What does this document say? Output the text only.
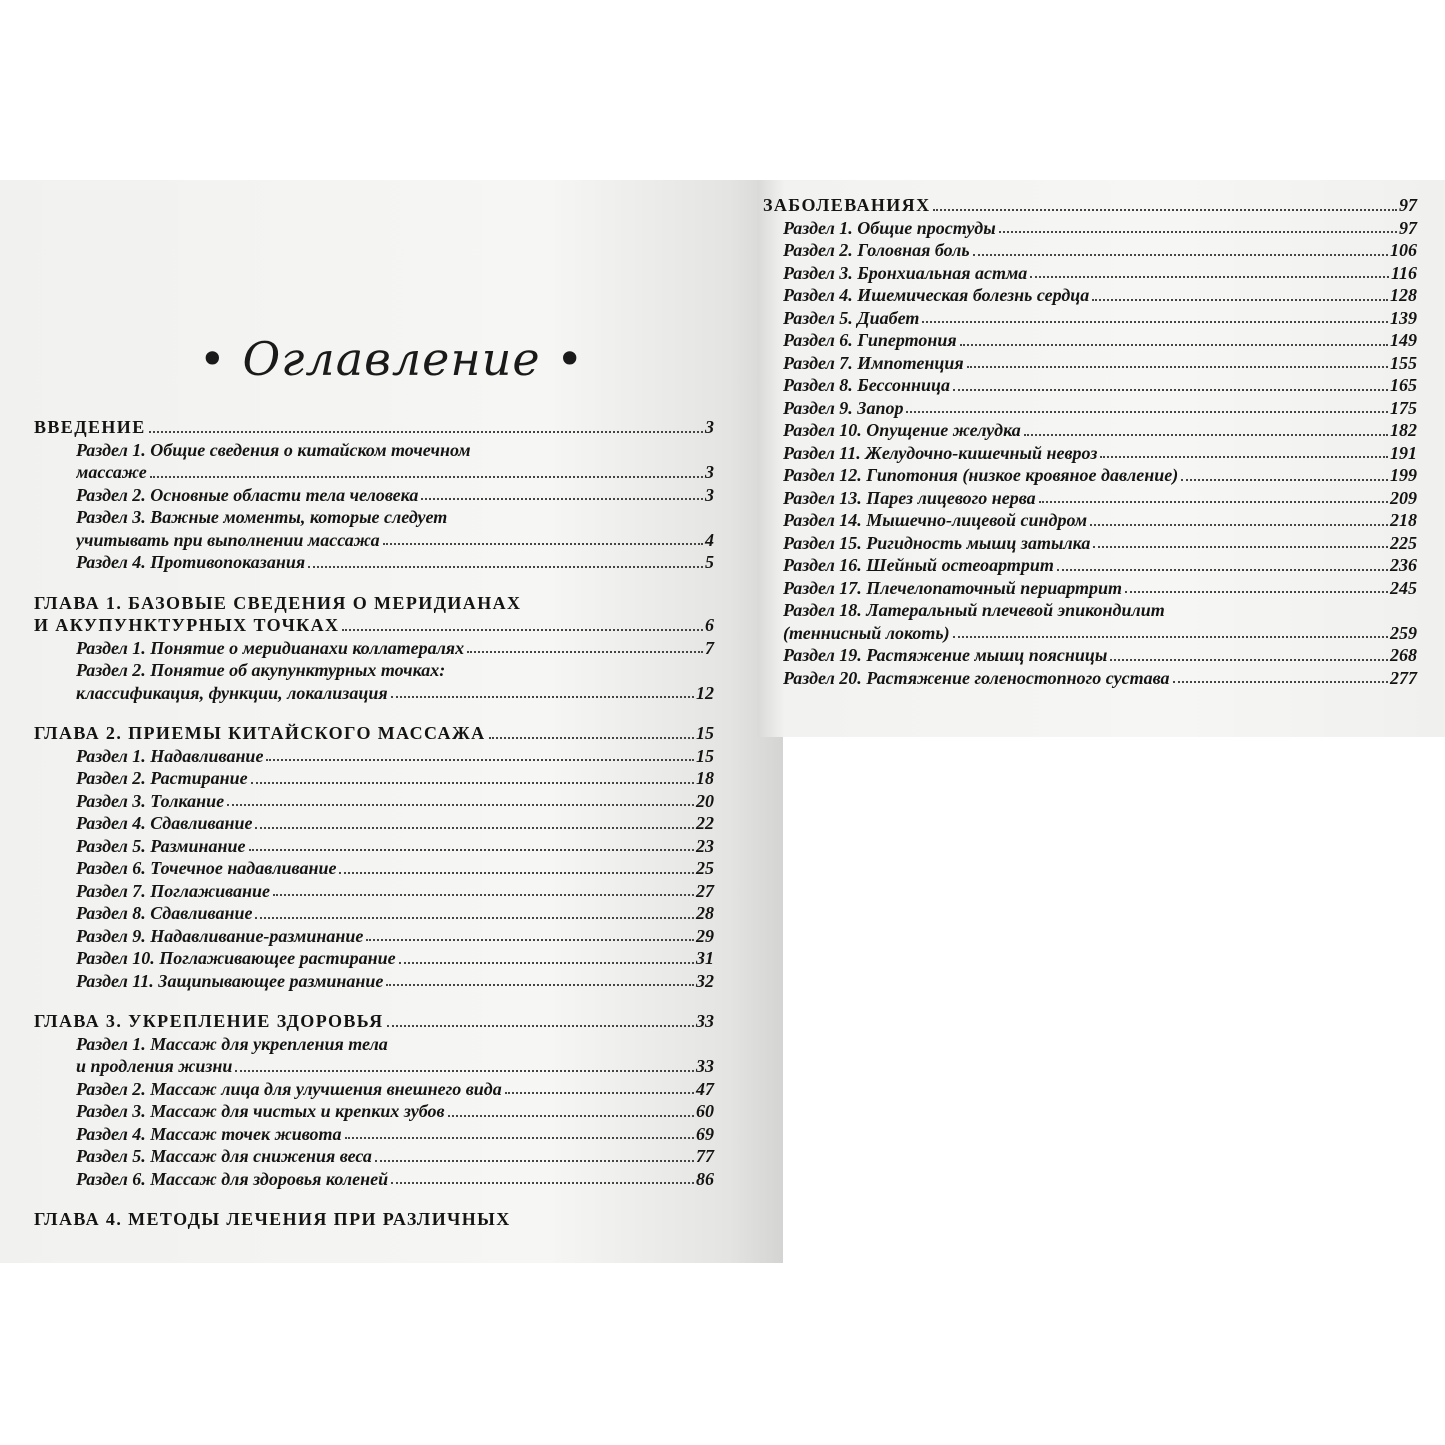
• Оглавление •
ВВЕДЕНИЕ	3
Раздел 1. Общие сведения о китайском точечном
массаже	3
Раздел 2. Основные области тела человека	3
Раздел 3. Важные моменты, которые следует
учитывать при выполнении массажа	4
Раздел 4. Противопоказания	5
ГЛАВА 1. БАЗОВЫЕ СВЕДЕНИЯ О МЕРИДИАНАХ
И АКУПУНКТУРНЫХ ТОЧКАХ	6
Раздел 1. Понятие о меридианахи коллатералях	7
Раздел 2. Понятие об акупунктурных точках:
классификация, функции, локализация	12
ГЛАВА 2. ПРИЕМЫ КИТАЙСКОГО МАССАЖА	15
Раздел 1. Надавливание	15
Раздел 2. Растирание	18
Раздел 3. Толкание	20
Раздел 4. Сдавливание	22
Раздел 5. Разминание	23
Раздел 6. Точечное надавливание	25
Раздел 7. Поглаживание	27
Раздел 8. Сдавливание	28
Раздел 9. Надавливание-разминание	29
Раздел 10. Поглаживающее растирание	31
Раздел 11. Защипывающее разминание	32
ГЛАВА 3. УКРЕПЛЕНИЕ ЗДОРОВЬЯ	33
Раздел 1. Массаж для укрепления тела
и продления жизни	33
Раздел 2. Массаж лица для улучшения внешнего вида	47
Раздел 3. Массаж для чистых и крепких зубов	60
Раздел 4. Массаж точек живота	69
Раздел 5. Массаж для снижения веса	77
Раздел 6. Массаж для здоровья коленей	86
ГЛАВА 4. МЕТОДЫ ЛЕЧЕНИЯ ПРИ РАЗЛИЧНЫХ
ЗАБОЛЕВАНИЯХ	97
Раздел 1. Общие простуды	97
Раздел 2. Головная боль	106
Раздел 3. Бронхиальная астма	116
Раздел 4. Ишемическая болезнь сердца	128
Раздел 5. Диабет	139
Раздел 6. Гипертония	149
Раздел 7. Импотенция	155
Раздел 8. Бессонница	165
Раздел 9. Запор	175
Раздел 10. Опущение желудка	182
Раздел 11. Желудочно-кишечный невроз	191
Раздел 12. Гипотония (низкое кровяное давление)	199
Раздел 13. Парез лицевого нерва	209
Раздел 14. Мышечно-лицевой синдром	218
Раздел 15. Ригидность мышц затылка	225
Раздел 16. Шейный остеоартрит	236
Раздел 17. Плечелопаточный периартрит	245
Раздел 18. Латеральный плечевой эпикондилит
(теннисный локоть)	259
Раздел 19. Растяжение мышц поясницы	268
Раздел 20. Растяжение голеностопного сустава	277
